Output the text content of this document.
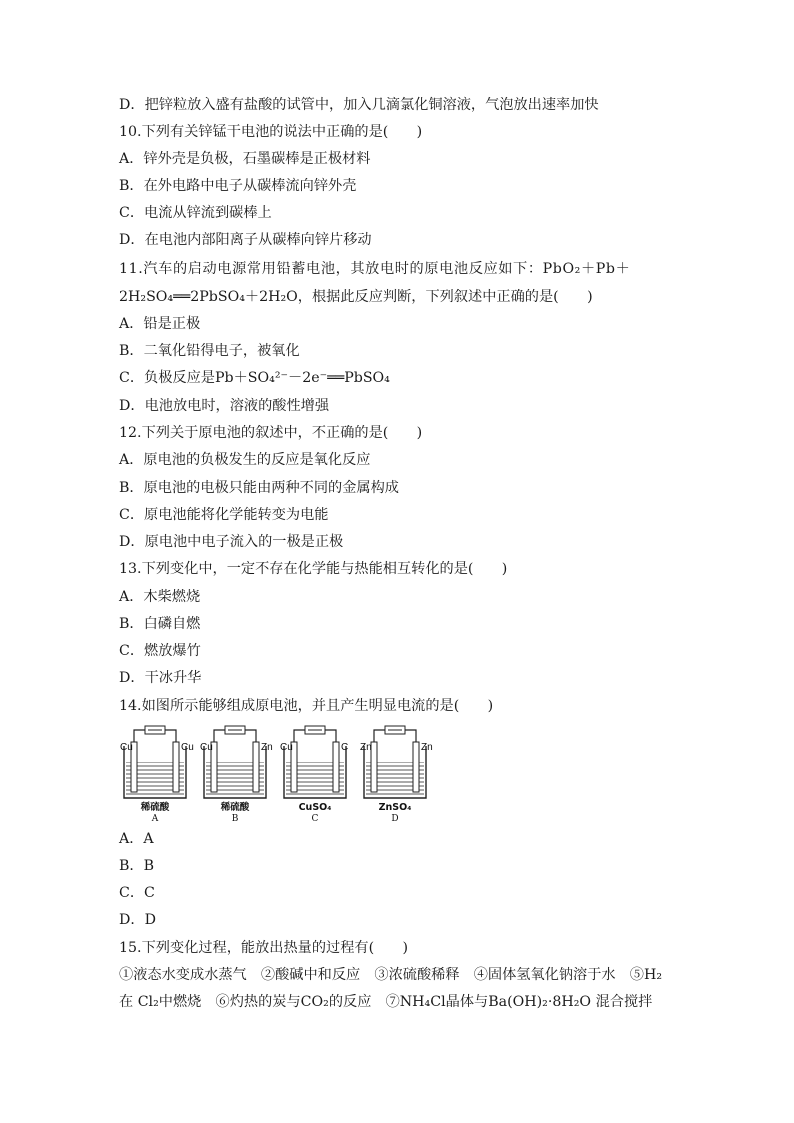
D．把锌粒放入盛有盐酸的试管中，加入几滴氯化铜溶液，气泡放出速率加快
10.下列有关锌锰干电池的说法中正确的是(　　)
A．锌外壳是负极，石墨碳棒是正极材料
B．在外电路中电子从碳棒流向锌外壳
C．电流从锌流到碳棒上
D．在电池内部阳离子从碳棒向锌片移动
11.汽车的启动电源常用铅蓄电池，其放电时的原电池反应如下：PbO₂＋Pb＋
2H₂SO₄══2PbSO₄＋2H₂O，根据此反应判断，下列叙述中正确的是(　　)
A．铅是正极
B．二氧化铅得电子，被氧化
C．负极反应是Pb＋SO₄²⁻－2e⁻══PbSO₄
D．电池放电时，溶液的酸性增强
12.下列关于原电池的叙述中，不正确的是(　　)
A．原电池的负极发生的反应是氧化反应
B．原电池的电极只能由两种不同的金属构成
C．原电池能将化学能转变为电能
D．原电池中电子流入的一极是正极
13.下列变化中，一定不存在化学能与热能相互转化的是(　　)
A．木柴燃烧
B．白磷自燃
C．燃放爆竹
D．干冰升华
14.如图所示能够组成原电池，并且产生明显电流的是(　　)
Cu	Cu
稀硫酸
A
Cu	Zn
稀硫酸
B
Cu	C
CuSO₄
C
Zn	Zn
ZnSO₄
D
A．A
B．B
C．C
D．D
15.下列变化过程，能放出热量的过程有(　　)
①液态水变成水蒸气　②酸碱中和反应　③浓硫酸稀释　④固体氢氧化钠溶于水　⑤H₂
在 Cl₂中燃烧　⑥灼热的炭与CO₂的反应　⑦NH₄Cl晶体与Ba(OH)₂·8H₂O 混合搅拌
